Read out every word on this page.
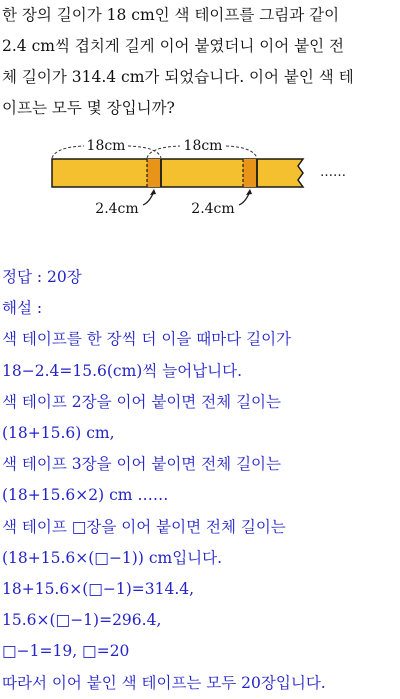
한 장의 길이가 18 cm인 색 테이프를 그림과 같이
2.4 cm씩 겹치게 길게 이어 붙였더니 이어 붙인 전
체 길이가 314.4 cm가 되었습니다. 이어 붙인 색 테
이프는 모두 몇 장입니까?
18cm	18cm
……
2.4cm	2.4cm
정답 : 20장
해설 :
색 테이프를 한 장씩 더 이을 때마다 길이가
18−2.4=15.6(cm)씩 늘어납니다.
색 테이프 2장을 이어 붙이면 전체 길이는
(18+15.6) cm,
색 테이프 3장을 이어 붙이면 전체 길이는
(18+15.6×2) cm ……
색 테이프 □장을 이어 붙이면 전체 길이는
(18+15.6×(□−1)) cm입니다.
18+15.6×(□−1)=314.4,
15.6×(□−1)=296.4,
□−1=19, □=20
따라서 이어 붙인 색 테이프는 모두 20장입니다.
